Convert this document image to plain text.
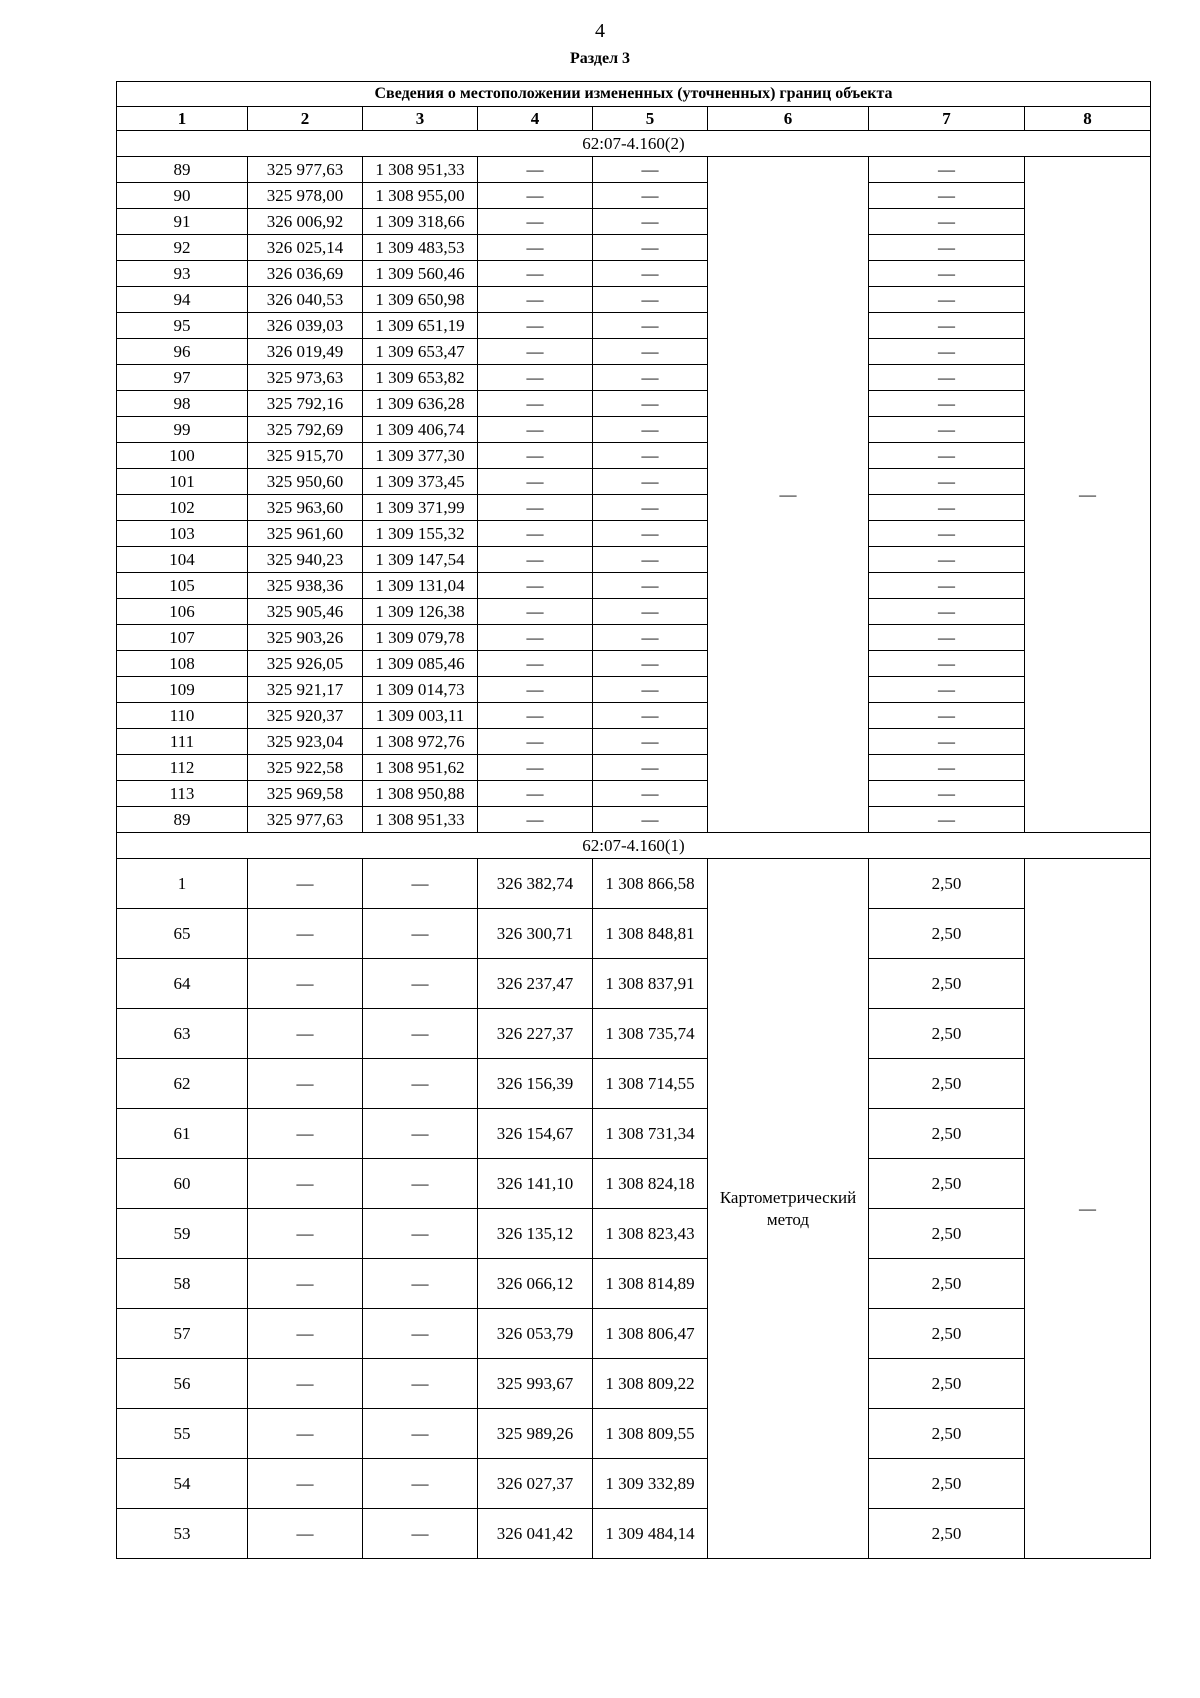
4
Раздел 3
Сведения о местоположении измененных (уточненных) границ объекта							
1	2	3	4	5	6	7	8
62:07-4.160(2)							
89	325 977,63	1 308 951,33	—	—	—	—	—
90	325 978,00	1 308 955,00	—	—		—	
91	326 006,92	1 309 318,66	—	—		—	
92	326 025,14	1 309 483,53	—	—		—	
93	326 036,69	1 309 560,46	—	—		—	
94	326 040,53	1 309 650,98	—	—		—	
95	326 039,03	1 309 651,19	—	—		—	
96	326 019,49	1 309 653,47	—	—		—	
97	325 973,63	1 309 653,82	—	—		—	
98	325 792,16	1 309 636,28	—	—		—	
99	325 792,69	1 309 406,74	—	—		—	
100	325 915,70	1 309 377,30	—	—		—	
101	325 950,60	1 309 373,45	—	—		—	
102	325 963,60	1 309 371,99	—	—		—	
103	325 961,60	1 309 155,32	—	—		—	
104	325 940,23	1 309 147,54	—	—		—	
105	325 938,36	1 309 131,04	—	—		—	
106	325 905,46	1 309 126,38	—	—		—	
107	325 903,26	1 309 079,78	—	—		—	
108	325 926,05	1 309 085,46	—	—		—	
109	325 921,17	1 309 014,73	—	—		—	
110	325 920,37	1 309 003,11	—	—		—	
111	325 923,04	1 308 972,76	—	—		—	
112	325 922,58	1 308 951,62	—	—		—	
113	325 969,58	1 308 950,88	—	—		—	
89	325 977,63	1 308 951,33	—	—		—	
62:07-4.160(1)							
1	—	—	326 382,74	1 308 866,58	Картометрический метод	2,50	—
65	—	—	326 300,71	1 308 848,81		2,50	
64	—	—	326 237,47	1 308 837,91		2,50	
63	—	—	326 227,37	1 308 735,74		2,50	
62	—	—	326 156,39	1 308 714,55		2,50	
61	—	—	326 154,67	1 308 731,34		2,50	
60	—	—	326 141,10	1 308 824,18		2,50	
59	—	—	326 135,12	1 308 823,43		2,50	
58	—	—	326 066,12	1 308 814,89		2,50	
57	—	—	326 053,79	1 308 806,47		2,50	
56	—	—	325 993,67	1 308 809,22		2,50	
55	—	—	325 989,26	1 308 809,55		2,50	
54	—	—	326 027,37	1 309 332,89		2,50	
53	—	—	326 041,42	1 309 484,14		2,50	
